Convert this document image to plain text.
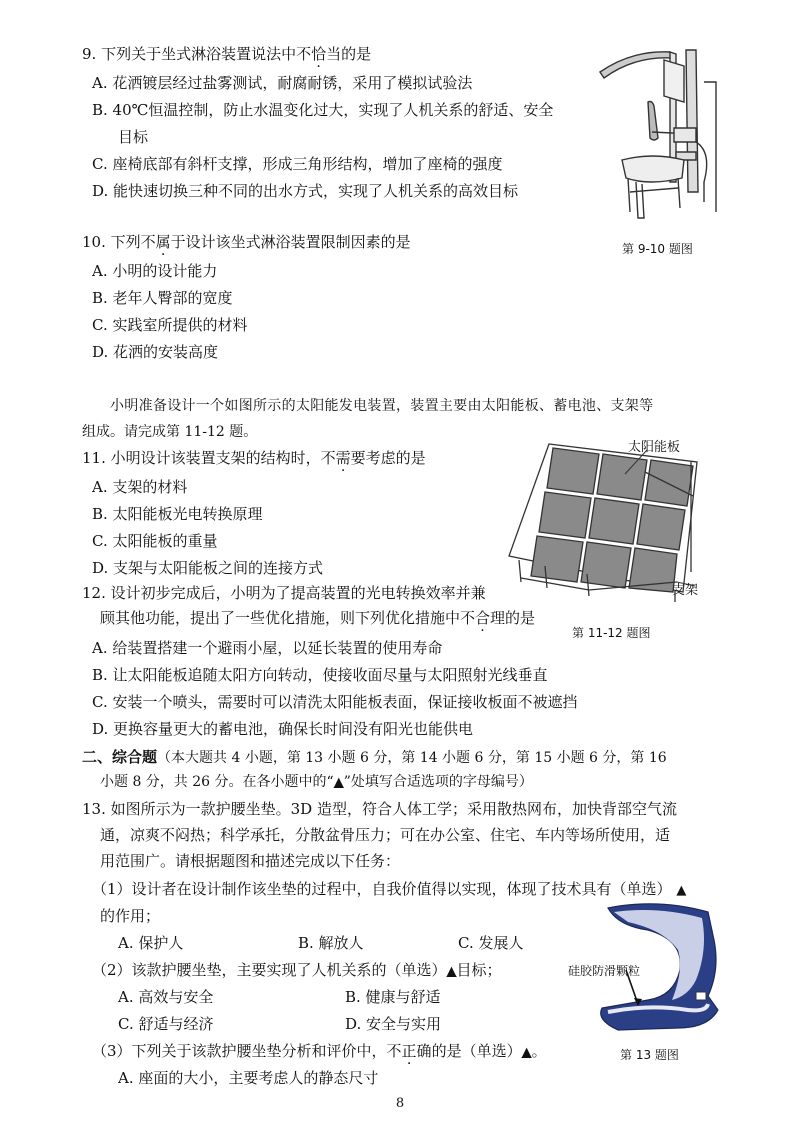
9. 下列关于坐式淋浴装置说法中不恰当的是
A. 花洒镀层经过盐雾测试，耐腐耐锈，采用了模拟试验法
B. 40℃恒温控制，防止水温变化过大，实现了人机关系的舒适、安全
目标
C. 座椅底部有斜杆支撑，形成三角形结构，增加了座椅的强度
D. 能快速切换三种不同的出水方式，实现了人机关系的高效目标
第 9-10 题图
10. 下列不属于设计该坐式淋浴装置限制因素的是
A. 小明的设计能力
B. 老年人臀部的宽度
C. 实践室所提供的材料
D. 花洒的安装高度
小明准备设计一个如图所示的太阳能发电装置，装置主要由太阳能板、蓄电池、支架等
组成。请完成第 11-12 题。
11. 小明设计该装置支架的结构时，不需要考虑的是
A. 支架的材料
B. 太阳能板光电转换原理
C. 太阳能板的重量
D. 支架与太阳能板之间的连接方式
太阳能板
支架
第 11-12 题图
12. 设计初步完成后，小明为了提高装置的光电转换效率并兼
顾其他功能，提出了一些优化措施，则下列优化措施中不合理的是
A. 给装置搭建一个避雨小屋，以延长装置的使用寿命
B. 让太阳能板追随太阳方向转动，使接收面尽量与太阳照射光线垂直
C. 安装一个喷头，需要时可以清洗太阳能板表面，保证接收板面不被遮挡
D. 更换容量更大的蓄电池，确保长时间没有阳光也能供电
二、综合题（本大题共 4 小题，第 13 小题 6 分，第 14 小题 6 分，第 15 小题 6 分，第 16
小题 8 分，共 26 分。在各小题中的“▲”处填写合适选项的字母编号）
13. 如图所示为一款护腰坐垫。3D 造型，符合人体工学；采用散热网布，加快背部空气流
通，凉爽不闷热；科学承托，分散盆骨压力；可在办公室、住宅、车内等场所使用，适
用范围广。请根据题图和描述完成以下任务：
（1）设计者在设计制作该坐垫的过程中，自我价值得以实现，体现了技术具有（单选） ▲
的作用；
A. 保护人	B. 解放人	C. 发展人
（2）该款护腰坐垫，主要实现了人机关系的（单选）▲目标；
A. 高效与安全	B. 健康与舒适
C. 舒适与经济	D. 安全与实用
（3）下列关于该款护腰坐垫分析和评价中，不正确的是（单选）▲。
A. 座面的大小，主要考虑人的静态尺寸
硅胶防滑颗粒
第 13 题图
8
